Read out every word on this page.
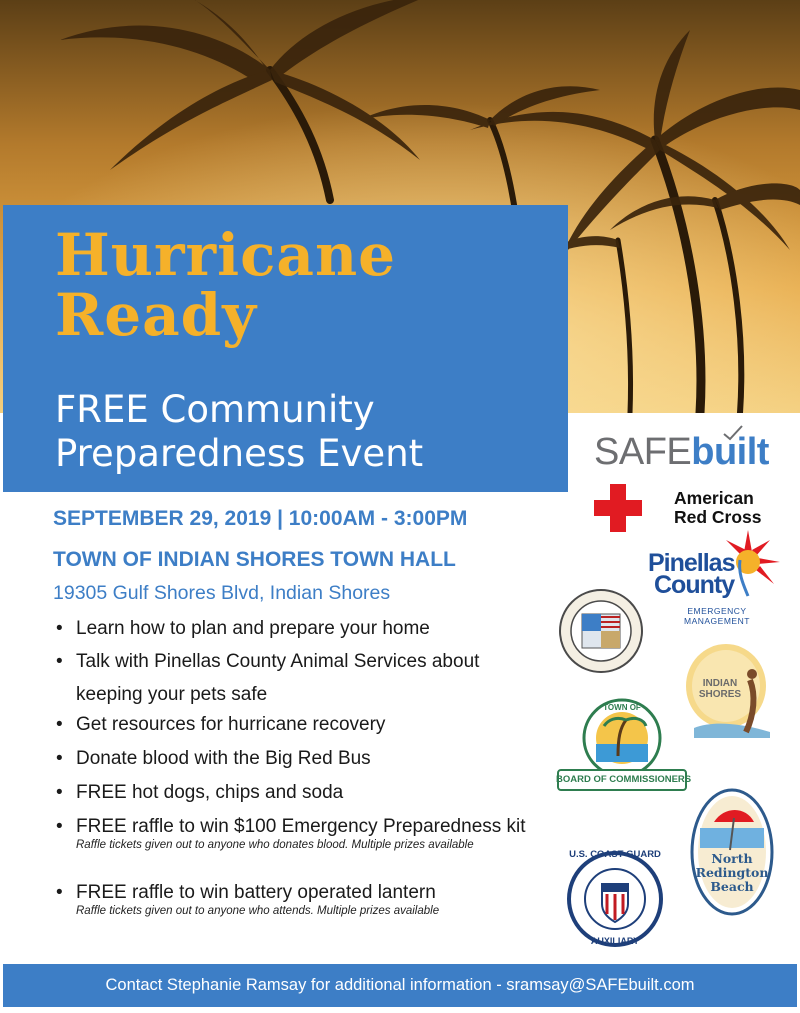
Hurricane
Ready
FREE Community
Preparedness Event
SEPTEMBER 29, 2019 | 10:00AM - 3:00PM
TOWN OF INDIAN SHORES TOWN HALL
19305 Gulf Shores Blvd, Indian Shores
• Learn how to plan and prepare your home
• Talk with Pinellas County Animal Services about
keeping your pets safe
• Get resources for hurricane recovery
• Donate blood with the Big Red Bus
• FREE hot dogs, chips and soda
• FREE raffle to win $100 Emergency Preparedness kit
Raffle tickets given out to anyone who donates blood. Multiple prizes available
• FREE raffle to win battery operated lantern
Raffle tickets given out to anyone who attends. Multiple prizes available
SAFEbuilt
American
Red Cross
Pinellas
County
EMERGENCY
MANAGEMENT
INDIAN SHORES
TOWN OF
BOARD OF COMMISSIONERS
North
Redington
Beach
U.S. COAST GUARD
AUXILIARY
Contact Stephanie Ramsay for additional information - sramsay@SAFEbuilt.com
